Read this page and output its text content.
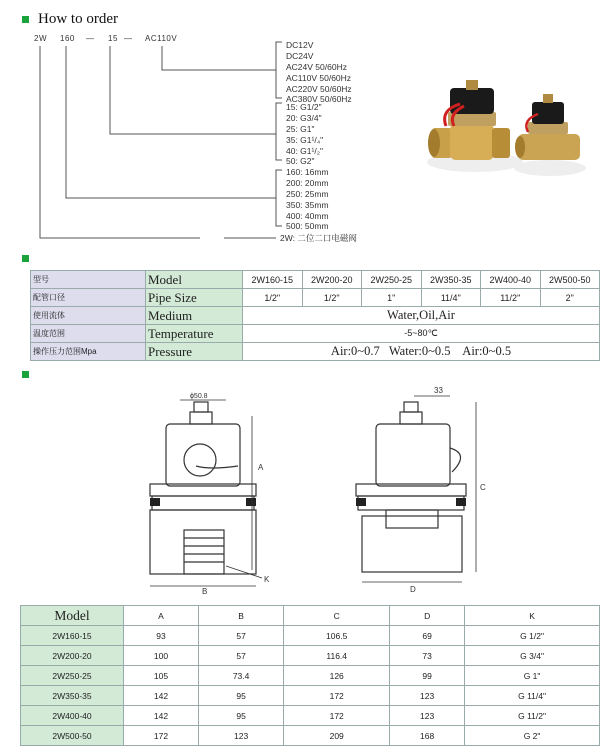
How to order
2W 160 — 15 — AC110V
DC12V
DC24V
AC24V 50/60Hz
AC110V 50/60Hz
AC220V 50/60Hz
AC380V 50/60Hz
15: G1/2"
20: G3/4"
25: G1"
35: G1¹/₄"
40: G1¹/₂"
50: G2"
160: 16mm
200: 20mm
250: 25mm
350: 35mm
400: 40mm
500: 50mm
2W: 二位二口电磁阀
型号	Model	2W160-15	2W200-20	2W250-25	2W350-35	2W400-40	2W500-50
配管口径	Pipe Size	1/2"	1/2"	1"	11/4"	11/2"	2"
使用流体	Medium	Water,Oil,Air					
温度范围	Temperature	-5~80℃					
操作压力范围Mpa	Pressure	Air:0~0.7   Water:0~0.5    Air:0~0.5					
ϕ50.8
A
B
K
C
D
33
Model	A	B	C	D	K
2W160-15	93	57	106.5	69	G 1/2"
2W200-20	100	57	116.4	73	G 3/4"
2W250-25	105	73.4	126	99	G 1"
2W350-35	142	95	172	123	G 11/4"
2W400-40	142	95	172	123	G 11/2"
2W500-50	172	123	209	168	G 2"
